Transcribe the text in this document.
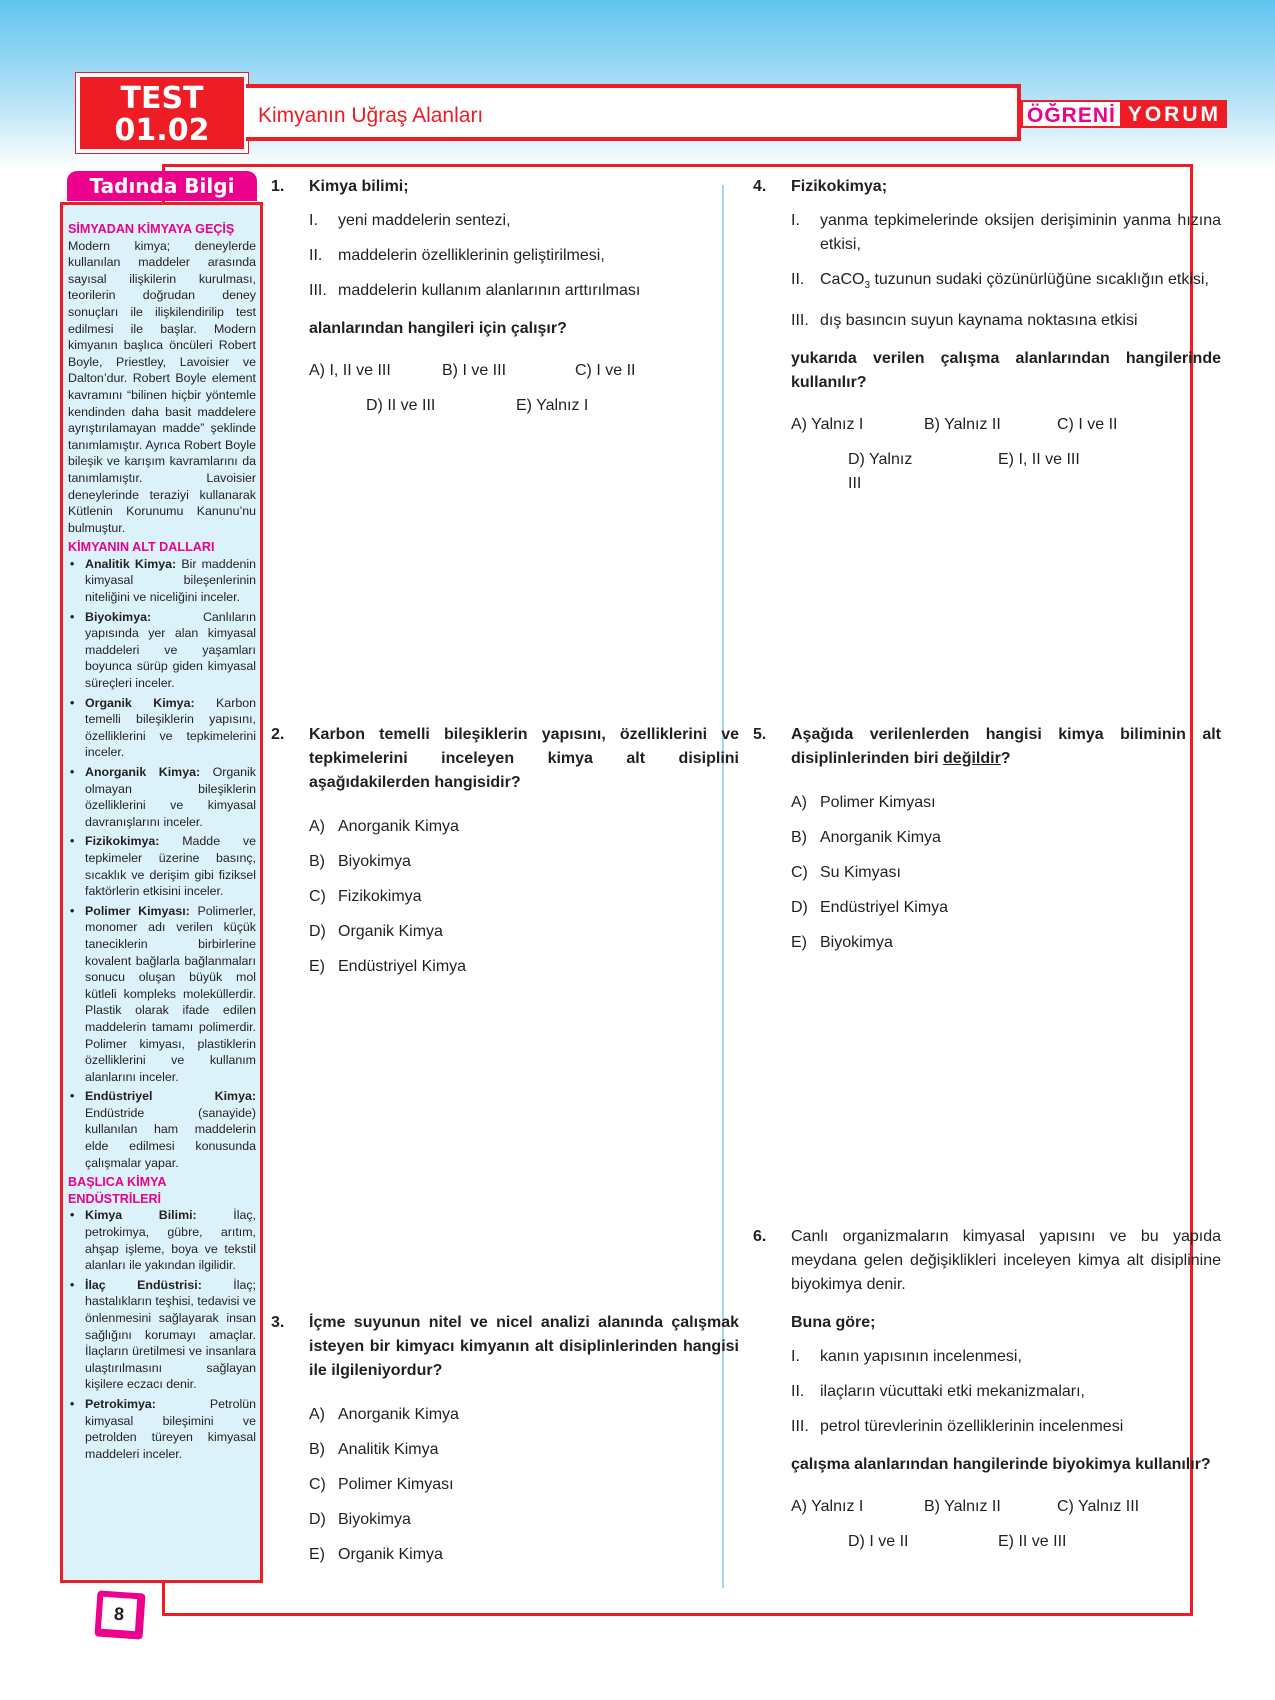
TEST
01.02	Kimyanın Uğraş Alanları	ÖĞRENİ YORUM
Tadında Bilgi
SİMYADAN KİMYAYA GEÇİŞ
Modern kimya; deneylerde kullanılan maddeler arasında sayısal ilişkilerin kurulması, teorilerin doğrudan deney sonuçları ile ilişkilendirilip test edilmesi ile başlar. Modern kimyanın başlıca öncüleri Robert Boyle, Priestley, Lavoisier ve Dalton’dur. Robert Boyle element kavramını “bilinen hiçbir yöntemle kendinden daha basit maddelere ayrıştırılamayan madde” şeklinde tanımlamıştır. Ayrıca Robert Boyle bileşik ve karışım kavramlarını da tanımlamıştır. Lavoisier deneylerinde teraziyi kullanarak Kütlenin Korunumu Kanunu’nu bulmuştur.
KİMYANIN ALT DALLARI
• Analitik Kimya: Bir maddenin kimyasal bileşenlerinin niteliğini ve niceliğini inceler.
• Biyokimya: Canlıların yapısında yer alan kimyasal maddeleri ve yaşamları boyunca sürüp giden kimyasal süreçleri inceler.
• Organik Kimya: Karbon temelli bileşiklerin yapısını, özelliklerini ve tepkimelerini inceler.
• Anorganik Kimya: Organik olmayan bileşiklerin özelliklerini ve kimyasal davranışlarını inceler.
• Fizikokimya: Madde ve tepkimeler üzerine basınç, sıcaklık ve derişim gibi fiziksel faktörlerin etkisini inceler.
• Polimer Kimyası: Polimerler, monomer adı verilen küçük taneciklerin birbirlerine kovalent bağlarla bağlanmaları sonucu oluşan büyük mol kütleli kompleks moleküllerdir. Plastik olarak ifade edilen maddelerin tamamı polimerdir. Polimer kimyası, plastiklerin özelliklerini ve kullanım alanlarını inceler.
• Endüstriyel Kimya: Endüstride (sanayide) kullanılan ham maddelerin elde edilmesi konusunda çalışmalar yapar.
BAŞLICA KİMYA ENDÜSTRİLERİ
• Kimya Bilimi: İlaç, petrokimya, gübre, arıtım, ahşap işleme, boya ve tekstil alanları ile yakından ilgilidir.
• İlaç Endüstrisi: İlaç; hastalıkların teşhisi, tedavisi ve önlenmesini sağlayarak insan sağlığını korumayı amaçlar. İlaçların üretilmesi ve insanlara ulaştırılmasını sağlayan kişilere eczacı denir.
• Petrokimya: Petrolün kimyasal bileşimini ve petrolden türeyen kimyasal maddeleri inceler.
8
1. Kimya bilimi;
I. yeni maddelerin sentezi,
II. maddelerin özelliklerinin geliştirilmesi,
III. maddelerin kullanım alanlarının arttırılması
alanlarından hangileri için çalışır?
A) I, II ve III	B) I ve III	C) I ve II
D) II ve III	E) Yalnız I
2. Karbon temelli bileşiklerin yapısını, özelliklerini ve tepkimelerini inceleyen kimya alt disiplini aşağıdakilerden hangisidir?
A) Anorganik Kimya
B) Biyokimya
C) Fizikokimya
D) Organik Kimya
E) Endüstriyel Kimya
3. İçme suyunun nitel ve nicel analizi alanında çalışmak isteyen bir kimyacı kimyanın alt disiplinlerinden hangisi ile ilgileniyordur?
A) Anorganik Kimya
B) Analitik Kimya
C) Polimer Kimyası
D) Biyokimya
E) Organik Kimya
4. Fizikokimya;
I. yanma tepkimelerinde oksijen derişiminin yanma hızına etkisi,
II. CaCO$_3$ tuzunun sudaki çözünürlüğüne sıcaklığın etkisi,
III. dış basıncın suyun kaynama noktasına etkisi
yukarıda verilen çalışma alanlarından hangilerinde kullanılır?
A) Yalnız I	B) Yalnız II	C) I ve II
D) Yalnız III
E) I, II ve III
5. Aşağıda verilenlerden hangisi kimya biliminin alt disiplinlerinden biri değildir?
A) Polimer Kimyası
B) Anorganik Kimya
C) Su Kimyası
D) Endüstriyel Kimya
E) Biyokimya
6. Canlı organizmaların kimyasal yapısını ve bu yapıda meydana gelen değişiklikleri inceleyen kimya alt disiplinine biyokimya denir.
Buna göre;
I. kanın yapısının incelenmesi,
II. ilaçların vücuttaki etki mekanizmaları,
III. petrol türevlerinin özelliklerinin incelenmesi
çalışma alanlarından hangilerinde biyokimya kullanılır?
A) Yalnız I	B) Yalnız II	C) Yalnız III
D) I ve II	E) II ve III
